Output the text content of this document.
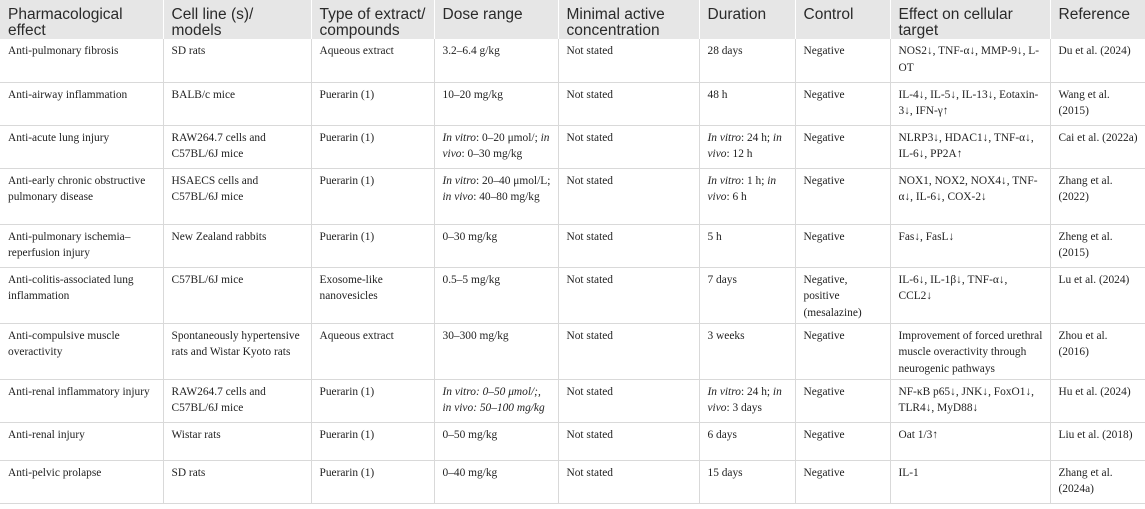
Pharmacological effect	Cell line (s)/ models	Type of extract/ compounds	Dose range	Minimal active concentration	Duration	Control	Effect on cellular target	Reference
Anti-pulmonary fibrosis	SD rats	Aqueous extract	3.2–6.4 g/kg	Not stated	28 days	Negative	NOS2↓, TNF-α↓, MMP-9↓, L-OT	Du et al. (2024)
Anti-airway inflammation	BALB/c mice	Puerarin (1)	10–20 mg/kg	Not stated	48 h	Negative	IL-4↓, IL-5↓, IL-13↓, Eotaxin-3↓, IFN-γ↑	Wang et al. (2015)
Anti-acute lung injury	RAW264.7 cells and C57BL/6J mice	Puerarin (1)	In vitro: 0–20 μmol/; in vivo: 0–30 mg/kg	Not stated	In vitro: 24 h; in vivo: 12 h	Negative	NLRP3↓, HDAC1↓, TNF-α↓, IL-6↓, PP2A↑	Cai et al. (2022a)
Anti-early chronic obstructive pulmonary disease	HSAECS cells and C57BL/6J mice	Puerarin (1)	In vitro: 20–40 μmol/L; in vivo: 40–80 mg/kg	Not stated	In vitro: 1 h; in vivo: 6 h	Negative	NOX1, NOX2, NOX4↓, TNF-α↓, IL-6↓, COX-2↓	Zhang et al. (2022)
Anti-pulmonary ischemia–reperfusion injury	New Zealand rabbits	Puerarin (1)	0–30 mg/kg	Not stated	5 h	Negative	Fas↓, FasL↓	Zheng et al. (2015)
Anti-colitis-associated lung inflammation	C57BL/6J mice	Exosome-like nanovesicles	0.5–5 mg/kg	Not stated	7 days	Negative, positive (mesalazine)	IL-6↓, IL-1β↓, TNF-α↓, CCL2↓	Lu et al. (2024)
Anti-compulsive muscle overactivity	Spontaneously hypertensive rats and Wistar Kyoto rats	Aqueous extract	30–300 mg/kg	Not stated	3 weeks	Negative	Improvement of forced urethral muscle overactivity through neurogenic pathways	Zhou et al. (2016)
Anti-renal inflammatory injury	RAW264.7 cells and C57BL/6J mice	Puerarin (1)	In vitro: 0–50 μmol/;, in vivo: 50–100 mg/kg	Not stated	In vitro: 24 h; in vivo: 3 days	Negative	NF-κB p65↓, JNK↓, FoxO1↓, TLR4↓, MyD88↓	Hu et al. (2024)
Anti-renal injury	Wistar rats	Puerarin (1)	0–50 mg/kg	Not stated	6 days	Negative	Oat 1/3↑	Liu et al. (2018)
Anti-pelvic prolapse	SD rats	Puerarin (1)	0–40 mg/kg	Not stated	15 days	Negative	IL-1	Zhang et al. (2024a)
